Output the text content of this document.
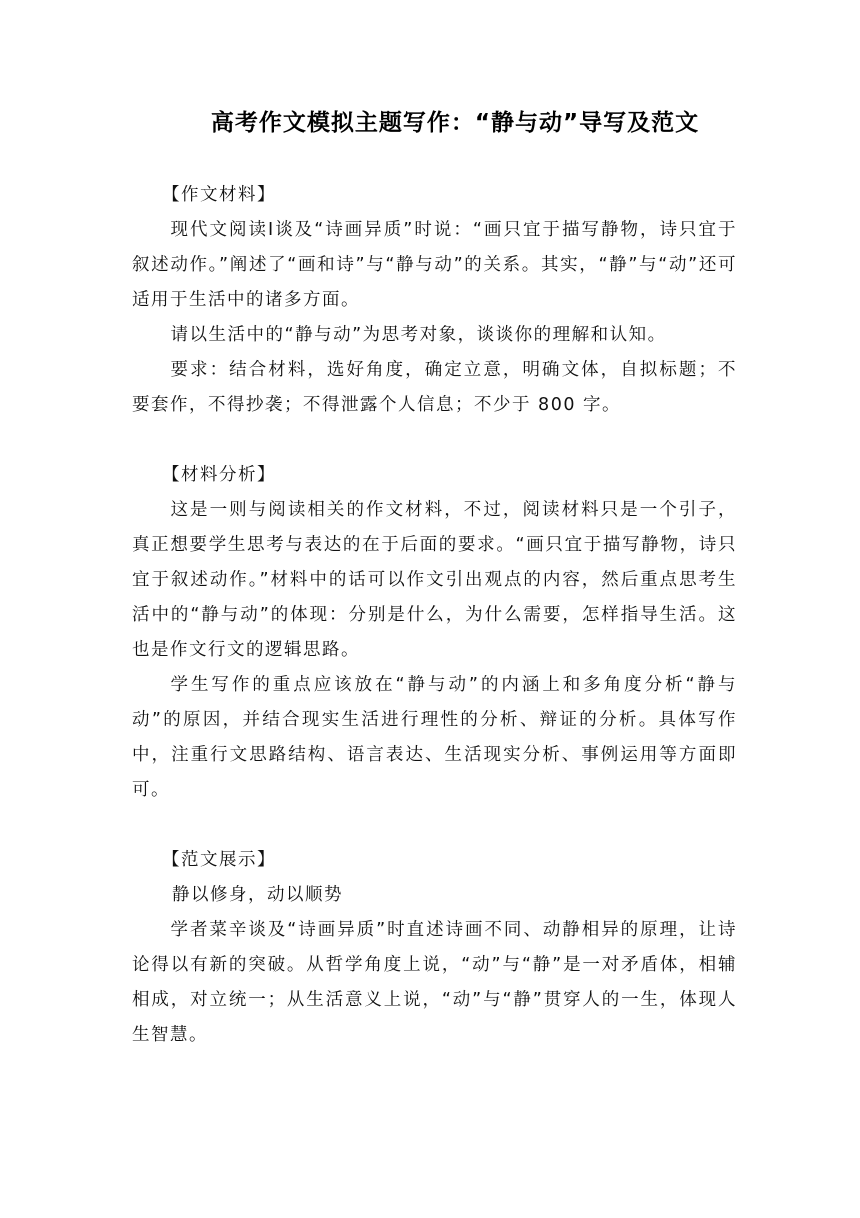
高考作文模拟主题写作：“静与动”导写及范文

【作文材料】

现代文阅读Ⅰ谈及“诗画异质”时说：“画只宜于描写静物，诗只宜于叙述动作。”阐述了“画和诗”与“静与动”的关系。其实，“静”与“动”还可适用于生活中的诸多方面。

请以生活中的“静与动”为思考对象，谈谈你的理解和认知。

要求：结合材料，选好角度，确定立意，明确文体，自拟标题；不要套作，不得抄袭；不得泄露个人信息；不少于 800 字。

【材料分析】

这是一则与阅读相关的作文材料，不过，阅读材料只是一个引子，真正想要学生思考与表达的在于后面的要求。“画只宜于描写静物，诗只宜于叙述动作。”材料中的话可以作文引出观点的内容，然后重点思考生活中的“静与动”的体现：分别是什么，为什么需要，怎样指导生活。这也是作文行文的逻辑思路。

学生写作的重点应该放在“静与动”的内涵上和多角度分析“静与动”的原因，并结合现实生活进行理性的分析、辩证的分析。具体写作中，注重行文思路结构、语言表达、生活现实分析、事例运用等方面即可。

【范文展示】

静以修身，动以顺势

学者菜辛谈及“诗画异质”时直述诗画不同、动静相异的原理，让诗论得以有新的突破。从哲学角度上说，“动”与“静”是一对矛盾体，相辅相成，对立统一；从生活意义上说，“动”与“静”贯穿人的一生，体现人生智慧。
